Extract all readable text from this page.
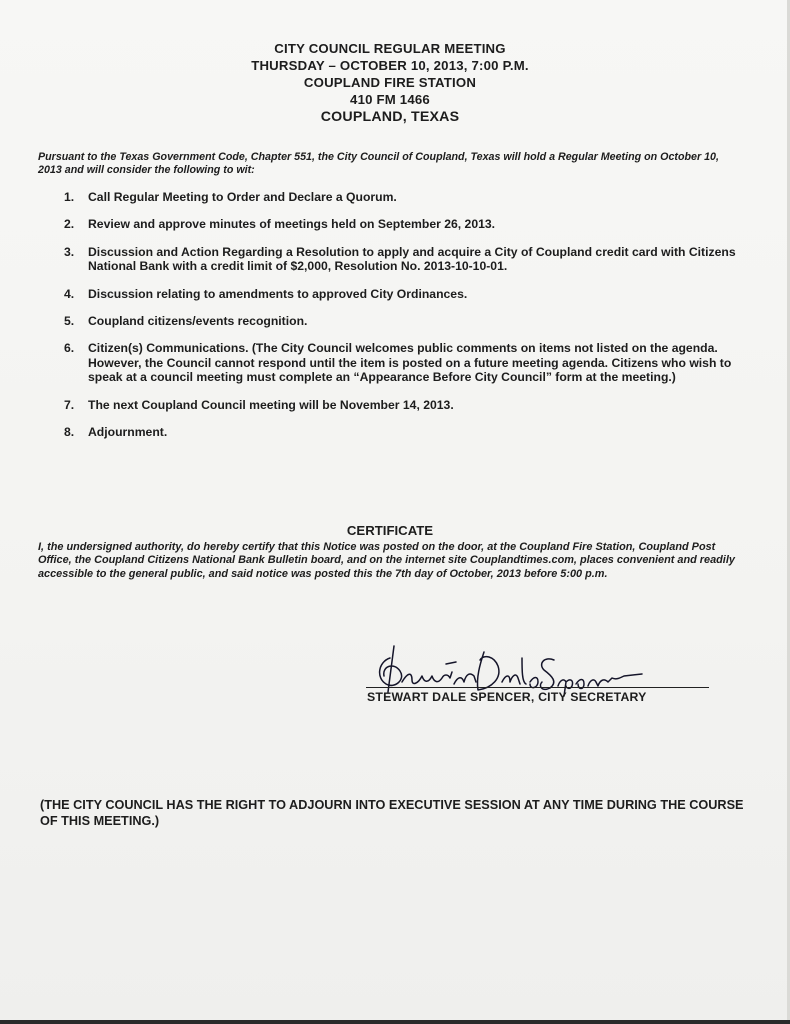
CITY COUNCIL REGULAR MEETING
THURSDAY – OCTOBER 10, 2013, 7:00 P.M.
COUPLAND FIRE STATION
410 FM 1466
COUPLAND, TEXAS
Pursuant to the Texas Government Code, Chapter 551, the City Council of Coupland, Texas will hold a Regular Meeting on October 10, 2013 and will consider the following to wit:
1. Call Regular Meeting to Order and Declare a Quorum.
2. Review and approve minutes of meetings held on September 26, 2013.
3. Discussion and Action Regarding a Resolution to apply and acquire a City of Coupland credit card with Citizens National Bank with a credit limit of $2,000, Resolution No. 2013-10-10-01.
4. Discussion relating to amendments to approved City Ordinances.
5. Coupland citizens/events recognition.
6. Citizen(s) Communications. (The City Council welcomes public comments on items not listed on the agenda. However, the Council cannot respond until the item is posted on a future meeting agenda. Citizens who wish to speak at a council meeting must complete an “Appearance Before City Council” form at the meeting.)
7. The next Coupland Council meeting will be November 14, 2013.
8. Adjournment.
CERTIFICATE
I, the undersigned authority, do hereby certify that this Notice was posted on the door, at the Coupland Fire Station, Coupland Post Office, the Coupland Citizens National Bank Bulletin board, and on the internet site Couplandtimes.com, places convenient and readily accessible to the general public, and said notice was posted this the 7th day of October, 2013 before 5:00 p.m.
STEWART DALE SPENCER, CITY SECRETARY
(THE CITY COUNCIL HAS THE RIGHT TO ADJOURN INTO EXECUTIVE SESSION AT ANY TIME DURING THE COURSE OF THIS MEETING.)
